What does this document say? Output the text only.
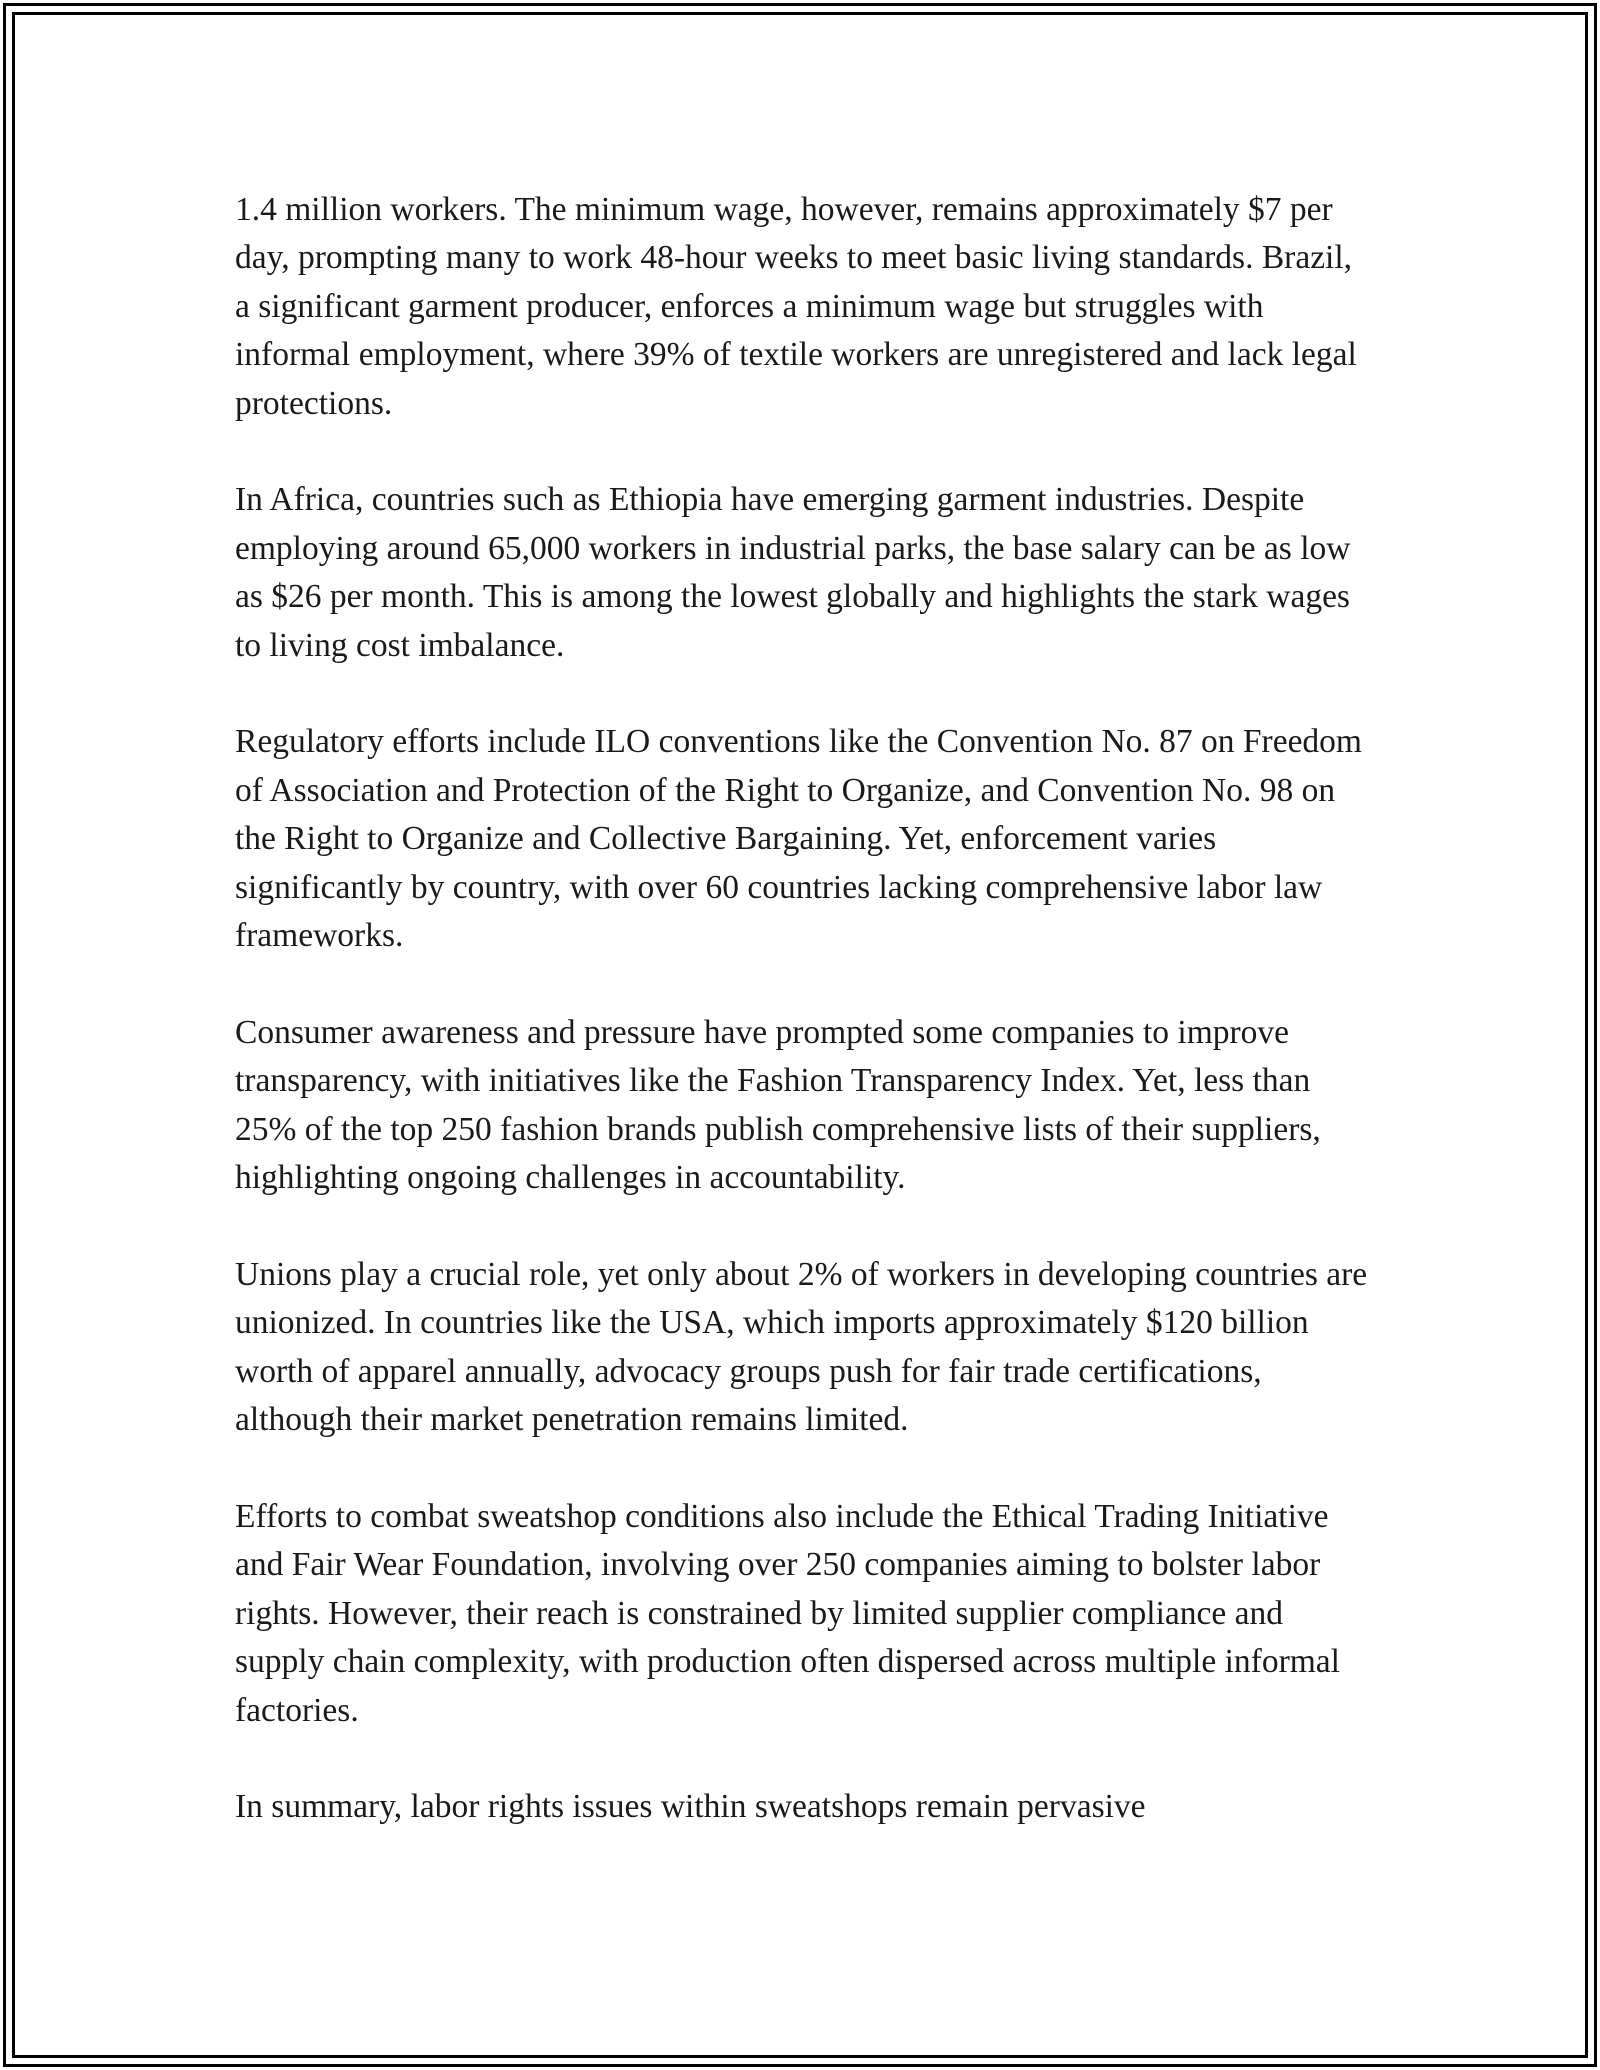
1.4 million workers. The minimum wage, however, remains approximately $7 per day, prompting many to work 48-hour weeks to meet basic living standards. Brazil, a significant garment producer, enforces a minimum wage but struggles with informal employment, where 39% of textile workers are unregistered and lack legal protections.

In Africa, countries such as Ethiopia have emerging garment industries. Despite employing around 65,000 workers in industrial parks, the base salary can be as low as $26 per month. This is among the lowest globally and highlights the stark wages to living cost imbalance.

Regulatory efforts include ILO conventions like the Convention No. 87 on Freedom of Association and Protection of the Right to Organize, and Convention No. 98 on the Right to Organize and Collective Bargaining. Yet, enforcement varies significantly by country, with over 60 countries lacking comprehensive labor law frameworks.

Consumer awareness and pressure have prompted some companies to improve transparency, with initiatives like the Fashion Transparency Index. Yet, less than 25% of the top 250 fashion brands publish comprehensive lists of their suppliers, highlighting ongoing challenges in accountability.

Unions play a crucial role, yet only about 2% of workers in developing countries are unionized. In countries like the USA, which imports approximately $120 billion worth of apparel annually, advocacy groups push for fair trade certifications, although their market penetration remains limited.

Efforts to combat sweatshop conditions also include the Ethical Trading Initiative and Fair Wear Foundation, involving over 250 companies aiming to bolster labor rights. However, their reach is constrained by limited supplier compliance and supply chain complexity, with production often dispersed across multiple informal factories.

In summary, labor rights issues within sweatshops remain pervasive
